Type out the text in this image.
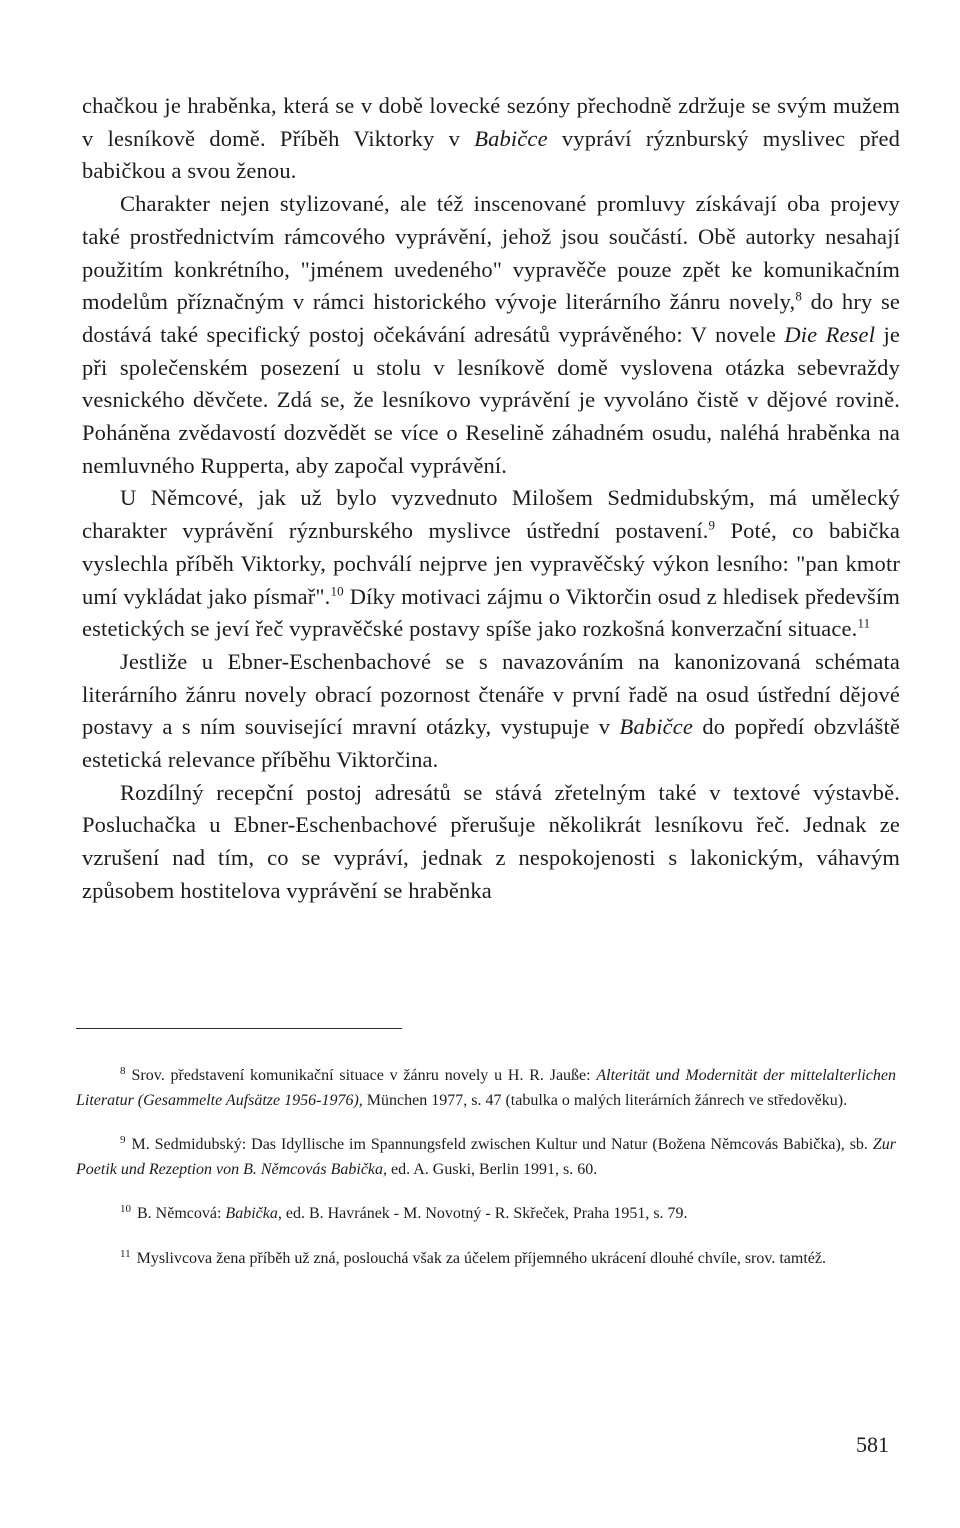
chačkou je hraběnka, která se v době lovecké sezóny přechodně zdržuje se svým mužem v lesníkově domě. Příběh Viktorky v Babičce vypráví rýznburský myslivec před babičkou a svou ženou.

Charakter nejen stylizované, ale též inscenované promluvy získávají oba projevy také prostřednictvím rámcového vyprávění, jehož jsou součástí. Obě autorky nesahají použitím konkrétního, "jménem uvedeného" vypravěče pouze zpět ke komunikačním modelům příznačným v rámci historického vývoje literárního žánru novely,$^8$ do hry se dostává také specifický postoj očekávání adresátů vyprávěného: V novele Die Resel je při společenském posezení u stolu v lesníkově domě vyslovena otázka sebevraždy vesnického děvčete. Zdá se, že lesníkovo vyprávění je vyvoláno čistě v dějové rovině. Poháněna zvědavostí dozvědět se více o Reselině záhadném osudu, naléhá hraběnka na nemluvného Rupperta, aby započal vyprávění.

U Němcové, jak už bylo vyzvednuto Milošem Sedmidubským, má umělecký charakter vyprávění rýznburského myslivce ústřední postavení.$^9$ Poté, co babička vyslechla příběh Viktorky, pochválí nejprve jen vypravěčský výkon lesního: "pan kmotr umí vykládat jako písmař".$^{10}$ Díky motivaci zájmu o Viktorčin osud z hledisek především estetických se jeví řeč vypravěčské postavy spíše jako rozkošná konverzační situace.$^{11}$

Jestliže u Ebner-Eschenbachové se s navazováním na kanonizovaná schémata literárního žánru novely obrací pozornost čtenáře v první řadě na osud ústřední dějové postavy a s ním související mravní otázky, vystupuje v Babičce do popředí obzvláště estetická relevance příběhu Viktorčina.

Rozdílný recepční postoj adresátů se stává zřetelným také v textové výstavbě. Posluchačka u Ebner-Eschenbachové přerušuje několikrát lesníkovu řeč. Jednak ze vzrušení nad tím, co se vypráví, jednak z nespokojenosti s lakonickým, váhavým způsobem hostitelova vyprávění se hraběnka

$^8$ Srov. představení komunikační situace v žánru novely u H. R. Jauße: Alterität und Modernität der mittelalterlichen Literatur (Gesammelte Aufsätze 1956-1976), München 1977, s. 47 (tabulka o malých literárních žánrech ve středověku).

$^9$ M. Sedmidubský: Das Idyllische im Spannungsfeld zwischen Kultur und Natur (Božena Němcovás Babička), sb. Zur Poetik und Rezeption von B. Němcovás Babička, ed. A. Guski, Berlin 1991, s. 60.

$^{10}$ B. Němcová: Babička, ed. B. Havránek - M. Novotný - R. Skřeček, Praha 1951, s. 79.

$^{11}$ Myslivcova žena příběh už zná, poslouchá však za účelem příjemného ukrácení dlouhé chvíle, srov. tamtéž.

581
